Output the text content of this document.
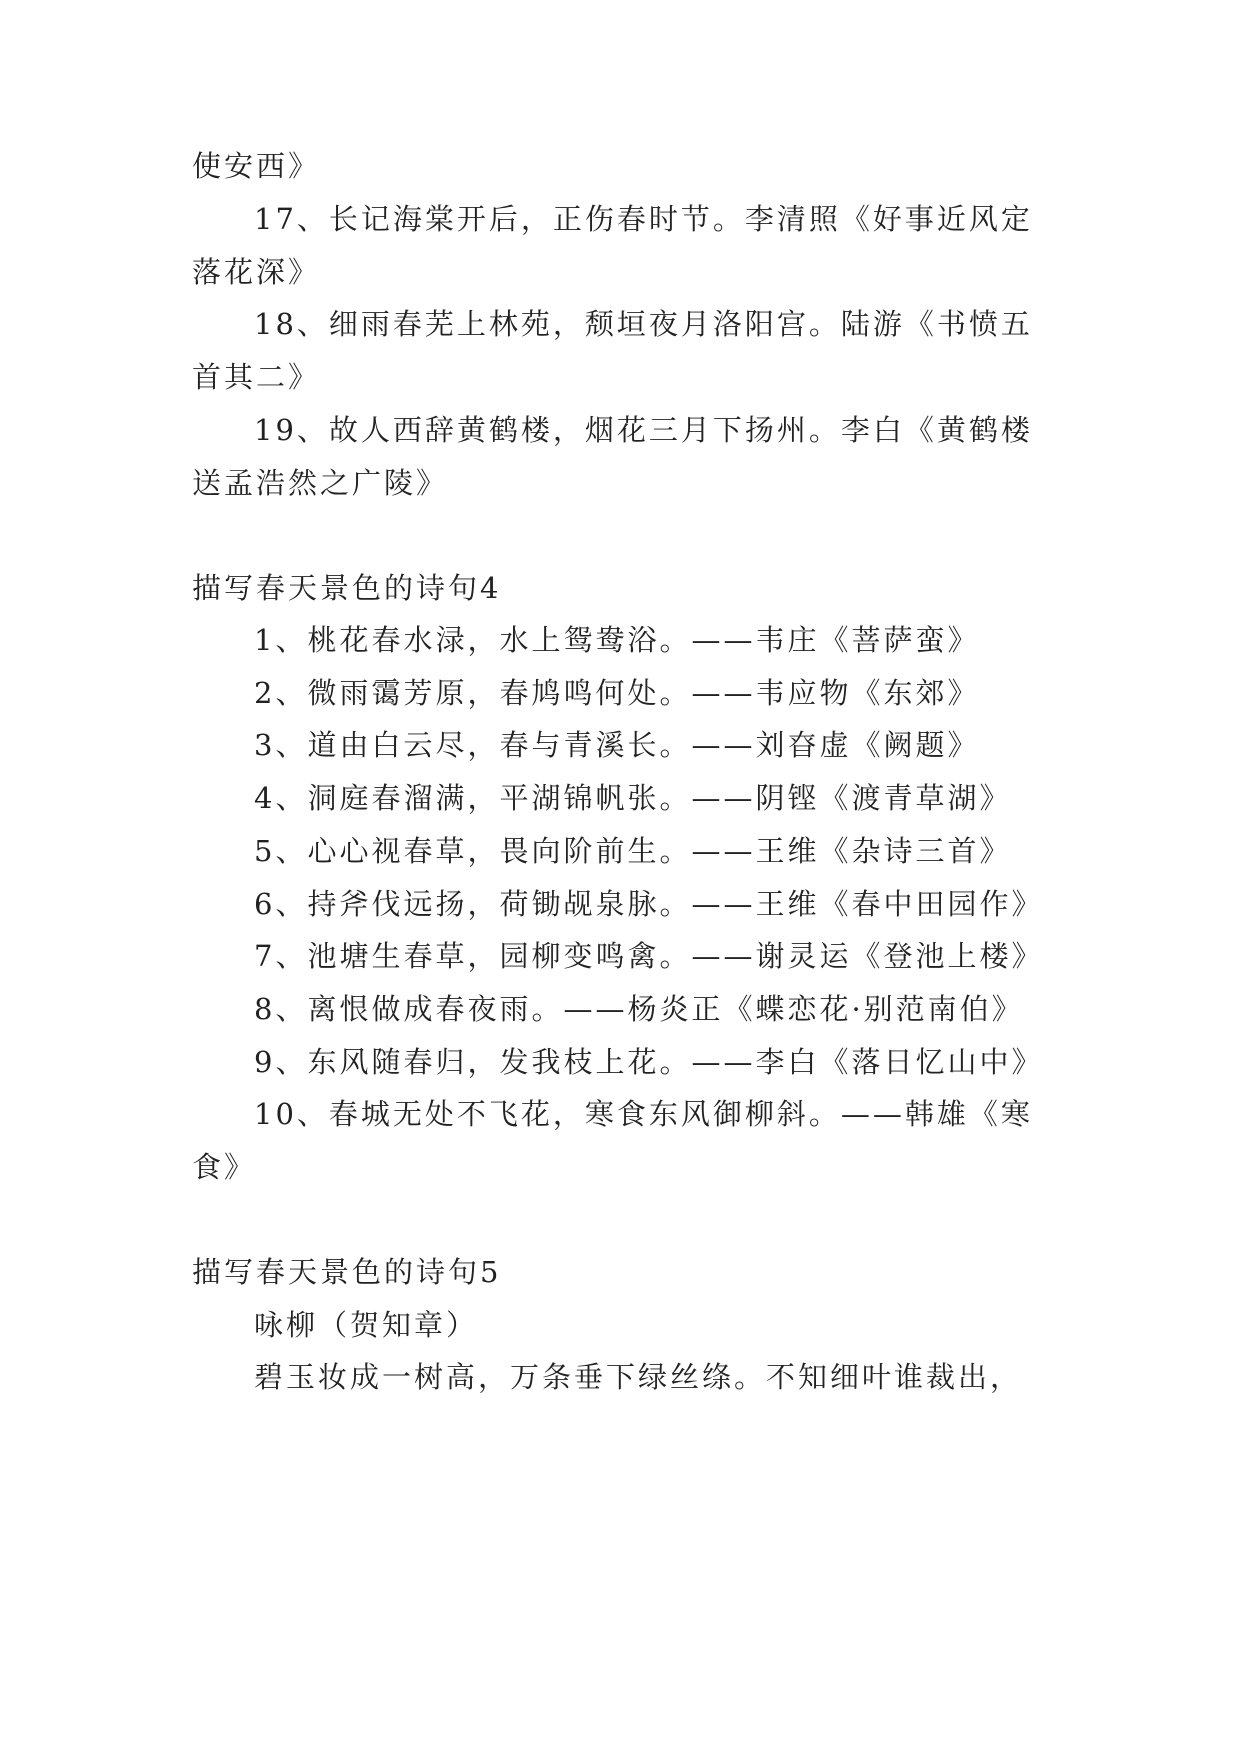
使安西》
17、长记海棠开后，正伤春时节。李清照《好事近风定
落花深》
18、细雨春芜上林苑，颓垣夜月洛阳宫。陆游《书愤五
首其二》
19、故人西辞黄鹤楼，烟花三月下扬州。李白《黄鹤楼
送孟浩然之广陵》
描写春天景色的诗句4
1、桃花春水渌，水上鸳鸯浴。——韦庄《菩萨蛮》
2、微雨霭芳原，春鸠鸣何处。——韦应物《东郊》
3、道由白云尽，春与青溪长。——刘昚虚《阙题》
4、洞庭春溜满，平湖锦帆张。——阴铿《渡青草湖》
5、心心视春草，畏向阶前生。——王维《杂诗三首》
6、持斧伐远扬，荷锄觇泉脉。——王维《春中田园作》
7、池塘生春草，园柳变鸣禽。——谢灵运《登池上楼》
8、离恨做成春夜雨。——杨炎正《蝶恋花·别范南伯》
9、东风随春归，发我枝上花。——李白《落日忆山中》
10、春城无处不飞花，寒食东风御柳斜。——韩雄《寒
食》
描写春天景色的诗句5
咏柳（贺知章）
碧玉妆成一树高，万条垂下绿丝绦。不知细叶谁裁出，
